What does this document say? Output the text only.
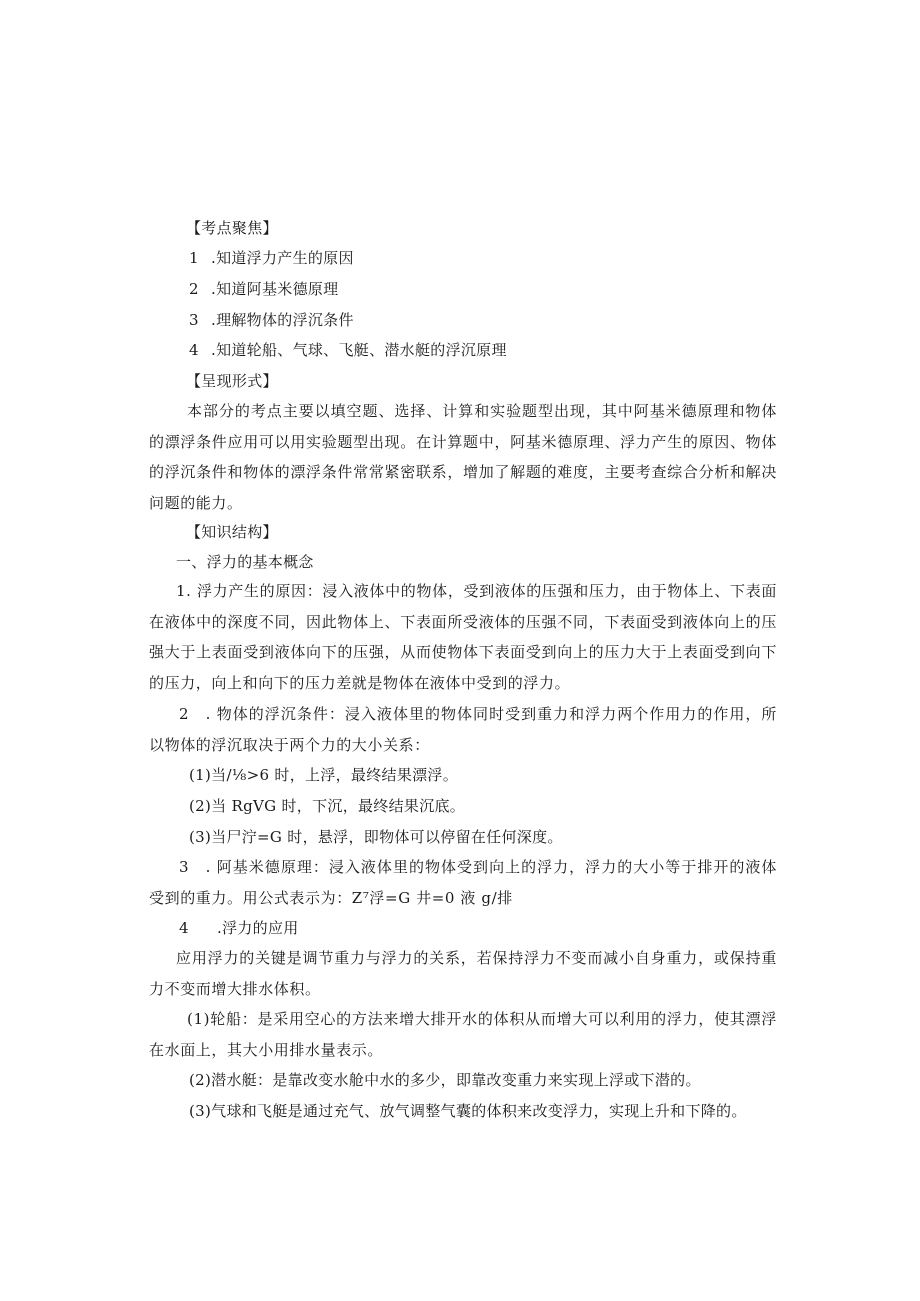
【考点聚焦】
1 .知道浮力产生的原因
2 .知道阿基米德原理
3 .理解物体的浮沉条件
4 .知道轮船、气球、飞艇、潜水艇的浮沉原理
【呈现形式】
本部分的考点主要以填空题、选择、计算和实验题型出现，其中阿基米德原理和物体的漂浮条件应用可以用实验题型出现。在计算题中，阿基米德原理、浮力产生的原因、物体的浮沉条件和物体的漂浮条件常常紧密联系，增加了解题的难度，主要考查综合分析和解决问题的能力。
【知识结构】
一、浮力的基本概念
1. 浮力产生的原因：浸入液体中的物体，受到液体的压强和压力，由于物体上、下表面在液体中的深度不同，因此物体上、下表面所受液体的压强不同，下表面受到液体向上的压强大于上表面受到液体向下的压强，从而使物体下表面受到向上的压力大于上表面受到向下的压力，向上和向下的压力差就是物体在液体中受到的浮力。
2　. 物体的浮沉条件：浸入液体里的物体同时受到重力和浮力两个作用力的作用，所以物体的浮沉取决于两个力的大小关系：
(1)当/⅛>6 时，上浮，最终结果漂浮。
(2)当 RgVG 时，下沉，最终结果沉底。
(3)当尸泞=G 时，悬浮，即物体可以停留在任何深度。
3　. 阿基米德原理：浸入液体里的物体受到向上的浮力，浮力的大小等于排开的液体受到的重力。用公式表示为：Z⁷浮=G 井=0 液 g/排
4 .浮力的应用
应用浮力的关键是调节重力与浮力的关系，若保持浮力不变而减小自身重力，或保持重力不变而增大排水体积。
(1)轮船：是采用空心的方法来增大排开水的体积从而增大可以利用的浮力，使其漂浮在水面上，其大小用排水量表示。
(2)潜水艇：是靠改变水舱中水的多少，即靠改变重力来实现上浮或下潜的。
(3)气球和飞艇是通过充气、放气调整气囊的体积来改变浮力，实现上升和下降的。
